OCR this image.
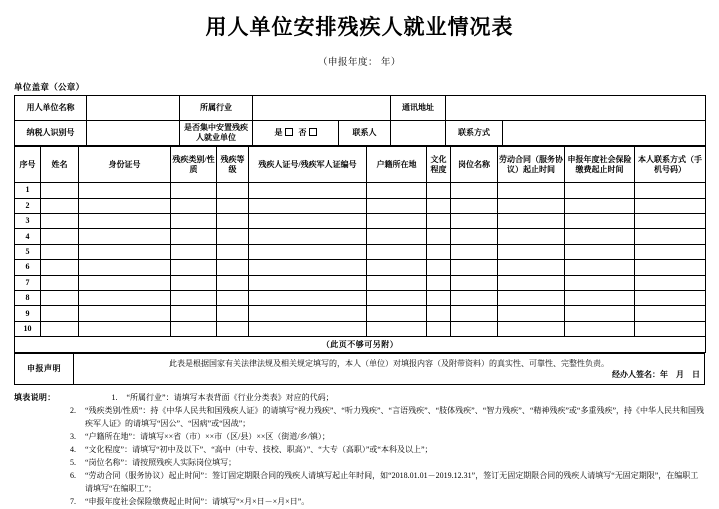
用人单位安排残疾人就业情况表
（申报年度： 年）
单位盖章（公章）
用人单位名称		所属行业			通讯地址		
纳税人识别号		是否集中安置残疾人就业单位	是 否	联系人		联系方式	
序号	姓名	身份证号	残疾类别/性质	残疾等级	残疾人证号/残疾军人证编号	户籍所在地	文化程度	岗位名称	劳动合同（服务协议）起止时间	申报年度社会保险缴费起止时间	本人联系方式（手机号码）
1											
2											
3											
4											
5											
6											
7											
8											
9											
10											
（此页不够可另附）											
申报声明	此表是根据国家有关法律法规及相关规定填写的，本人（单位）对填报内容（及附带资料）的真实性、可靠性、完整性负责。
经办人签名：年 月 日
填表说明：	1.	“所属行业”：请填写本表背面《行业分类表》对应的代码；
2.	“残疾类别/性质”：持《中华人民共和国残疾人证》的请填写“视力残疾”、“听力残疾”、“言语残疾”、“肢体残疾”、“智力残疾”、“精神残疾”或“多重残疾”，持《中华人民共和国残疾军人证》的请填写“因公”、“因病”或“因战”；
3.	“户籍所在地”：请填写××省（市）××市（区/县）××区（街道/乡/镇）；
4.	“文化程度”：请填写“初中及以下”、“高中（中专、技校、职高）”、“大专（高职）”或“本科及以上”；
5.	“岗位名称”：请按照残疾人实际岗位填写；
6.	“劳动合同（服务协议）起止时间”：签订固定期限合同的残疾人请填写起止年时间，如“2018.01.01－2019.12.31”，签订无固定期限合同的残疾人请填写“无固定期限”，在编职工请填写“在编职工”；
7.	“申报年度社会保险缴费起止时间”：请填写“×月×日－×月×日”。
